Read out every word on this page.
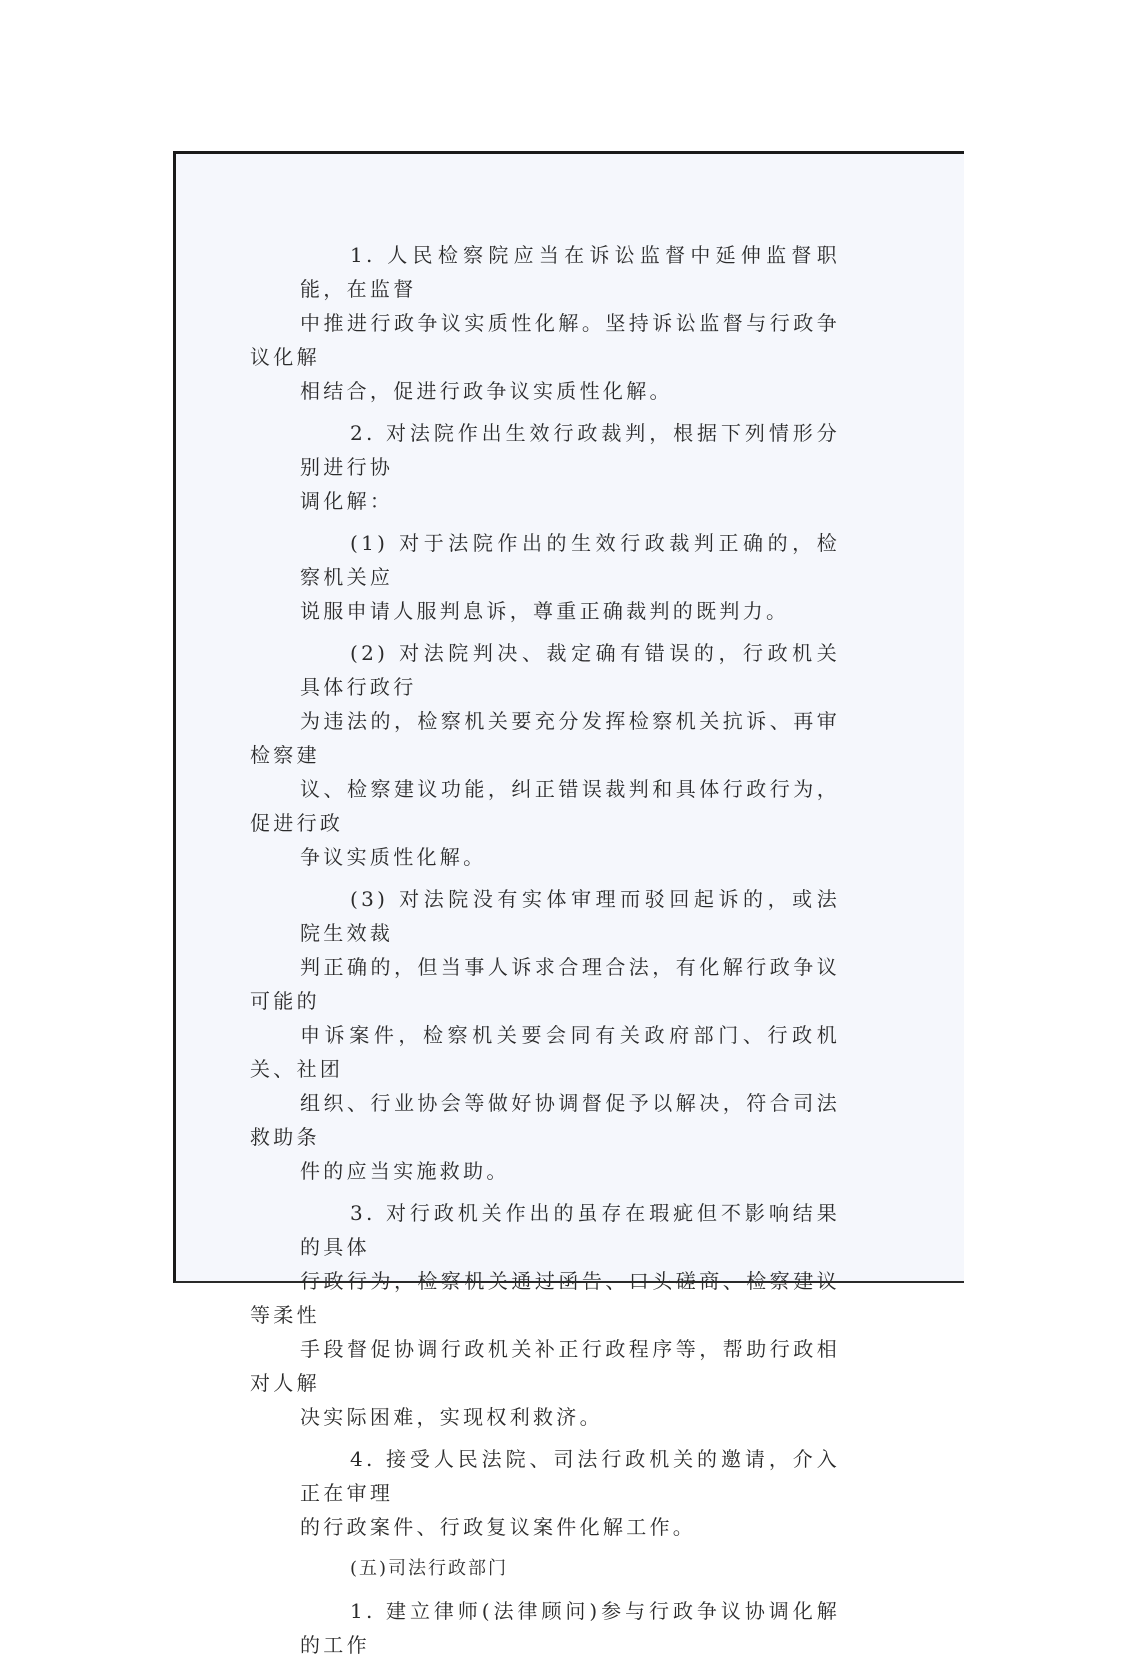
1. 人民检察院应当在诉讼监督中延伸监督职能，在监督
中推进行政争议实质性化解。坚持诉讼监督与行政争议化解
相结合，促进行政争议实质性化解。

2. 对法院作出生效行政裁判，根据下列情形分别进行协
调化解：

(1) 对于法院作出的生效行政裁判正确的，检察机关应
说服申请人服判息诉，尊重正确裁判的既判力。

(2) 对法院判决、裁定确有错误的，行政机关具体行政行
为违法的，检察机关要充分发挥检察机关抗诉、再审检察建
议、检察建议功能，纠正错误裁判和具体行政行为，促进行政
争议实质性化解。

(3) 对法院没有实体审理而驳回起诉的，或法院生效裁
判正确的，但当事人诉求合理合法，有化解行政争议可能的
申诉案件，检察机关要会同有关政府部门、行政机关、社团
组织、行业协会等做好协调督促予以解决，符合司法救助条
件的应当实施救助。

3. 对行政机关作出的虽存在瑕疵但不影响结果的具体
行政行为，检察机关通过函告、口头磋商、检察建议等柔性
手段督促协调行政机关补正行政程序等，帮助行政相对人解
决实际困难，实现权利救济。

4. 接受人民法院、司法行政机关的邀请，介入正在审理
的行政案件、行政复议案件化解工作。

(五)司法行政部门

1. 建立律师(法律顾问)参与行政争议协调化解的工作
